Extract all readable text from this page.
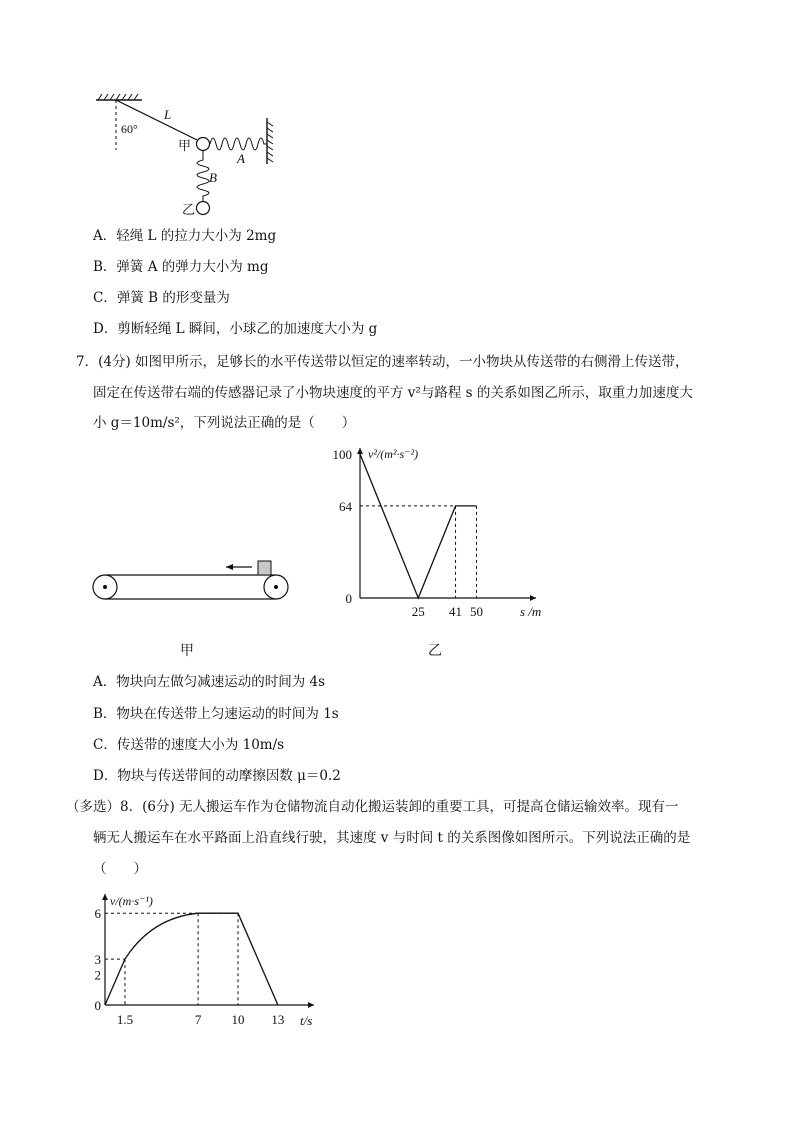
L
60°
A
甲
B
乙
A．轻绳 L 的拉力大小为 2mg
B．弹簧 A 的弹力大小为 mg
C．弹簧 B 的形变量为
D．剪断轻绳 L 瞬间，小球乙的加速度大小为 g
7．(4分) 如图甲所示，足够长的水平传送带以恒定的速率转动，一小物块从传送带的右侧滑上传送带，
固定在传送带右端的传感器记录了小物块速度的平方 v²与路程 s 的关系如图乙所示，取重力加速度大
小 g＝10m/s²，下列说法正确的是（　　）
甲
v²/(m²·s⁻²)
s /m
100
64
0
25 41 50
乙
A．物块向左做匀减速运动的时间为 4s
B．物块在传送带上匀速运动的时间为 1s
C．传送带的速度大小为 10m/s
D．物块与传送带间的动摩擦因数 μ＝0.2
（多选）8．(6分) 无人搬运车作为仓储物流自动化搬运装卸的重要工具，可提高仓储运输效率。现有一
辆无人搬运车在水平路面上沿直线行驶，其速度 v 与时间 t 的关系图像如图所示。下列说法正确的是
（　　）
v/(m·s⁻¹)
t/s
6
3
2
0
1.5	7 10 13
